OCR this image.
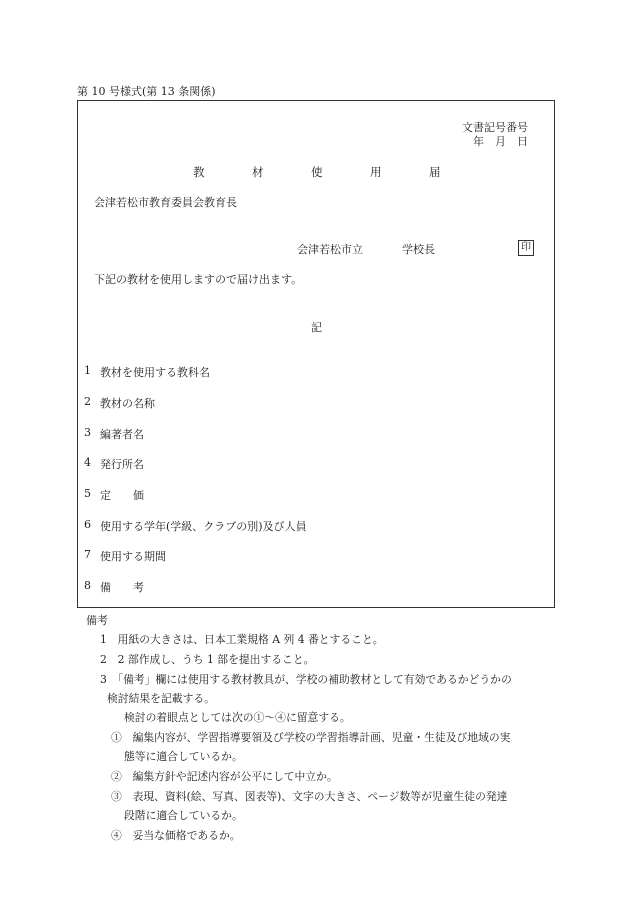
第 10 号様式(第 13 条関係)
文書記号番号
年　月　日
教	材	使	用	届
会津若松市教育委員会教育長
会津若松市立	学校長	印
下記の教材を使用しますので届け出ます。
記
1 教材を使用する教科名
2 教材の名称
3 編著者名
4 発行所名
5 定　　価
6 使用する学年(学級、クラブの別)及び人員
7 使用する期間
8 備　　考
備考
1　用紙の大きさは、日本工業規格 A 列 4 番とすること。
2　2 部作成し、うち 1 部を提出すること。
3　「備考」欄には使用する教材教具が、学校の補助教材として有効であるかどうかの
検討結果を記載する。
検討の着眼点としては次の①～④に留意する。
①　編集内容が、学習指導要領及び学校の学習指導計画、児童・生徒及び地域の実
態等に適合しているか。
②　編集方針や記述内容が公平にして中立か。
③　表現、資料(絵、写真、図表等)、文字の大きさ、ページ数等が児童生徒の発達
段階に適合しているか。
④　妥当な価格であるか。
